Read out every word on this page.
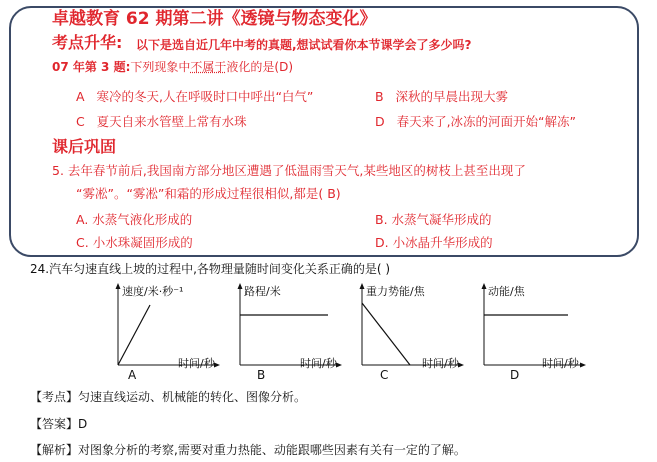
卓越教育 62 期第二讲《透镜与物态变化》
考点升华: 以下是选自近几年中考的真题,想试试看你本节课学会了多少吗?
07 年第 3 题:下列现象中不属于液化的是(D)
A 寒冷的冬天,人在呼吸时口中呼出“白气”	B 深秋的早晨出现大雾
C 夏天自来水管壁上常有水珠	D 春天来了,冰冻的河面开始“解冻”
课后巩固
5. 去年春节前后,我国南方部分地区遭遇了低温雨雪天气,某些地区的树枝上甚至出现了
“雾凇”。“雾凇”和霜的形成过程很相似,都是( B)
A. 水蒸气液化形成的	B. 水蒸气凝华形成的
C. 小水珠凝固形成的	D. 小冰晶升华形成的
24.汽车匀速直线上坡的过程中,各物理量随时间变化关系正确的是( )
速度/米·秒⁻¹
时间/秒
A
路程/米
时间/秒
B
重力势能/焦
时间/秒
C
动能/焦
时间/秒
D
【考点】匀速直线运动、机械能的转化、图像分析。
【答案】D
【解析】对图象分析的考察,需要对重力热能、动能跟哪些因素有关有一定的了解。
